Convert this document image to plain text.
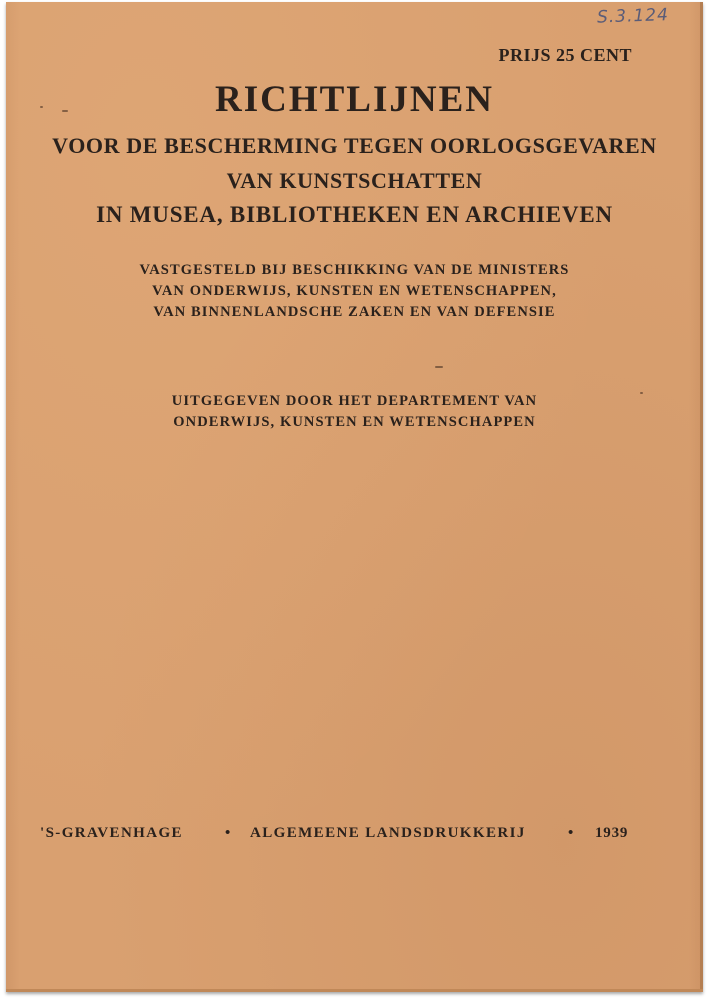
S.3.124
PRIJS 25 CENT
RICHTLIJNEN
VOOR DE BESCHERMING TEGEN OORLOGSGEVAREN
VAN KUNSTSCHATTEN
IN MUSEA, BIBLIOTHEKEN EN ARCHIEVEN
VASTGESTELD BIJ BESCHIKKING VAN DE MINISTERS
VAN ONDERWIJS, KUNSTEN EN WETENSCHAPPEN,
VAN BINNENLANDSCHE ZAKEN EN VAN DEFENSIE
UITGEGEVEN DOOR HET DEPARTEMENT VAN
ONDERWIJS, KUNSTEN EN WETENSCHAPPEN
'S-GRAVENHAGE	• ALGEMEENE LANDSDRUKKERIJ	• 1939
